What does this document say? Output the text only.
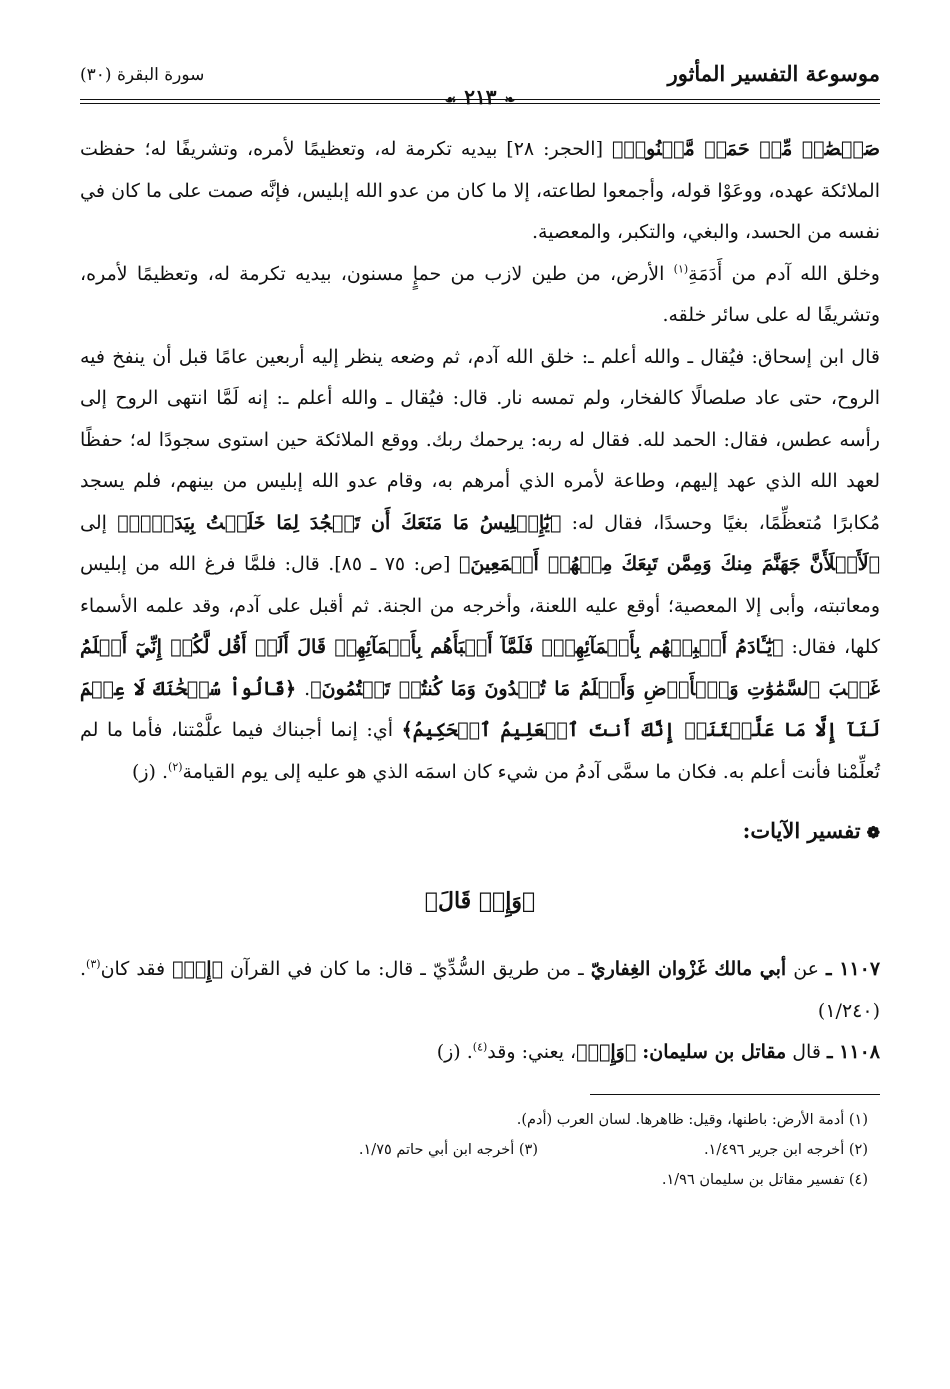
موسوعة التفسير المأثور
سورة البقرة (٣٠)
❧٢١٣☙

صَلۡصَٰلٖ مِّنۡ حَمَإٖ مَّسۡنُونٖ﴾ [الحجر: ٢٨] بيديه تكرمة له، وتعظيمًا لأمره، وتشريفًا له؛ حفظت الملائكة عهده، ووعَوْا قوله، وأجمعوا لطاعته، إلا ما كان من عدو الله إبليس، فإنَّه صمت على ما كان في نفسه من الحسد، والبغي، والتكبر، والمعصية.

وخلق الله آدم من أَدَمَةِ$^{(١)}$ الأرض، من طين لازب من حمإٍ مسنون، بيديه تكرمة له، وتعظيمًا لأمره، وتشريفًا له على سائر خلقه.

قال ابن إسحاق: فيُقال ـ والله أعلم ـ: خلق الله آدم، ثم وضعه ينظر إليه أربعين عامًا قبل أن ينفخ فيه الروح، حتى عاد صلصالًا كالفخار، ولم تمسه نار. قال: فيُقال ـ والله أعلم ـ: إنه لَمَّا انتهى الروح إلى رأسه عطس، فقال: الحمد لله. فقال له ربه: يرحمك ربك. ووقع الملائكة حين استوى سجودًا له؛ حفظًا لعهد الله الذي عهد إليهم، وطاعة لأمره الذي أمرهم به، وقام عدو الله إبليس من بينهم، فلم يسجد مُكابرًا مُتعظِّمًا، بغيًا وحسدًا، فقال له: ﴿يَٰٓإِبۡلِيسُ مَا مَنَعَكَ أَن تَسۡجُدَ لِمَا خَلَقۡتُ بِيَدَيَّۖ﴾ إلى ﴿لَأَمۡلَأَنَّ جَهَنَّمَ مِنكَ وَمِمَّن تَبِعَكَ مِنۡهُمۡ أَجۡمَعِينَ﴾ [ص: ٧٥ ـ ٨٥]. قال: فلمَّا فرغ الله من إبليس ومعاتبته، وأبى إلا المعصية؛ أوقع عليه اللعنة، وأخرجه من الجنة. ثم أقبل على آدم، وقد علمه الأسماء كلها، فقال: ﴿يَٰٓـَٔادَمُ أَنۢبِئۡهُم بِأَسۡمَآئِهِمۡۖ فَلَمَّآ أَنۢبَأَهُم بِأَسۡمَآئِهِمۡ قَالَ أَلَمۡ أَقُل لَّكُمۡ إِنِّيٓ أَعۡلَمُ غَيۡبَ ٱلسَّمَٰوَٰتِ وَٱلۡأَرۡضِ وَأَعۡلَمُ مَا تُبۡدُونَ وَمَا كُنتُمۡ تَكۡتُمُونَ﴾. ﴿قَالُواْ سُبۡحَٰنَكَ لَا عِلۡمَ لَنَآ إِلَّا مَا عَلَّمۡتَنَآۖ إِنَّكَ أَنتَ ٱلۡعَلِيمُ ٱلۡحَكِيمُ﴾ أي: إنما أجبناك فيما علَّمْتنا، فأما ما لم تُعلِّمْنا فأنت أعلم به. فكان ما سمَّى آدمُ من شيء كان اسمَه الذي هو عليه إلى يوم القيامة$^{(٢)}$. (ز)

❁تفسير الآيات:
﴿وَإِذۡ قَالَ﴾
١١٠٧ ـ عن أبي مالك غَزْوان الغِفاريّ ـ من طريق السُّدِّيّ ـ قال: ما كان في القرآن ﴿إِذۡ﴾ فقد كان$^{(٣)}$. (١/٢٤٠)
١١٠٨ ـ قال مقاتل بن سليمان: ﴿وَإِذۡ﴾، يعني: وقد$^{(٤)}$. (ز)
(١) أدمة الأرض: باطنها، وقيل: ظاهرها. لسان العرب (أدم).
(٢) أخرجه ابن جرير ١/٤٩٦.
(٣) أخرجه ابن أبي حاتم ١/٧٥.
(٤) تفسير مقاتل بن سليمان ١/٩٦.
